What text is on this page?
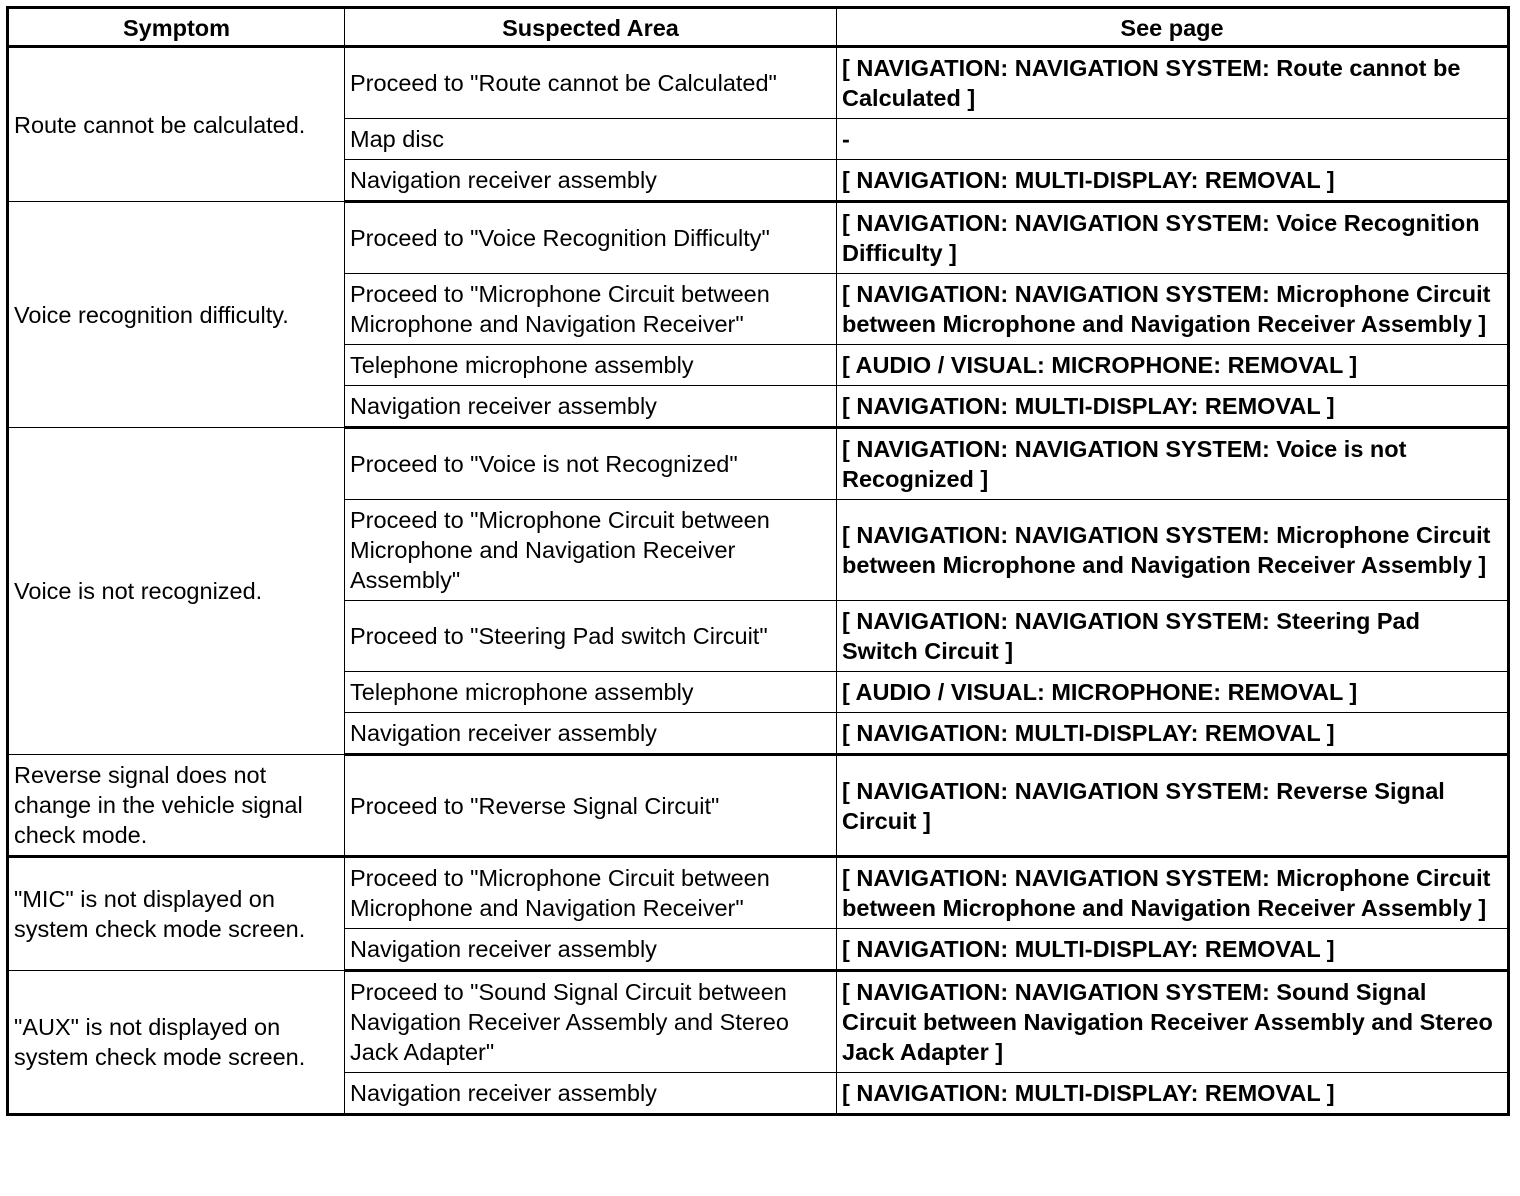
Symptom	Suspected Area	See page
Route cannot be calculated.	Proceed to "Route cannot be Calculated"	[ NAVIGATION: NAVIGATION SYSTEM: Route cannot be Calculated ]
	Map disc	-
	Navigation receiver assembly	[ NAVIGATION: MULTI-DISPLAY: REMOVAL ]
Voice recognition difficulty.	Proceed to "Voice Recognition Difficulty"	[ NAVIGATION: NAVIGATION SYSTEM: Voice Recognition Difficulty ]
	Proceed to "Microphone Circuit between Microphone and Navigation Receiver"	[ NAVIGATION: NAVIGATION SYSTEM: Microphone Circuit between Microphone and Navigation Receiver Assembly ]
	Telephone microphone assembly	[ AUDIO / VISUAL: MICROPHONE: REMOVAL ]
	Navigation receiver assembly	[ NAVIGATION: MULTI-DISPLAY: REMOVAL ]
Voice is not recognized.	Proceed to "Voice is not Recognized"	[ NAVIGATION: NAVIGATION SYSTEM: Voice is not Recognized ]
	Proceed to "Microphone Circuit between Microphone and Navigation Receiver Assembly"	[ NAVIGATION: NAVIGATION SYSTEM: Microphone Circuit between Microphone and Navigation Receiver Assembly ]
	Proceed to "Steering Pad switch Circuit"	[ NAVIGATION: NAVIGATION SYSTEM: Steering Pad Switch Circuit ]
	Telephone microphone assembly	[ AUDIO / VISUAL: MICROPHONE: REMOVAL ]
	Navigation receiver assembly	[ NAVIGATION: MULTI-DISPLAY: REMOVAL ]
Reverse signal does not change in the vehicle signal check mode.	Proceed to "Reverse Signal Circuit"	[ NAVIGATION: NAVIGATION SYSTEM: Reverse Signal Circuit ]
"MIC" is not displayed on system check mode screen.	Proceed to "Microphone Circuit between Microphone and Navigation Receiver"	[ NAVIGATION: NAVIGATION SYSTEM: Microphone Circuit between Microphone and Navigation Receiver Assembly ]
	Navigation receiver assembly	[ NAVIGATION: MULTI-DISPLAY: REMOVAL ]
"AUX" is not displayed on system check mode screen.	Proceed to "Sound Signal Circuit between Navigation Receiver Assembly and Stereo Jack Adapter"	[ NAVIGATION: NAVIGATION SYSTEM: Sound Signal Circuit between Navigation Receiver Assembly and Stereo Jack Adapter ]
	Navigation receiver assembly	[ NAVIGATION: MULTI-DISPLAY: REMOVAL ]
